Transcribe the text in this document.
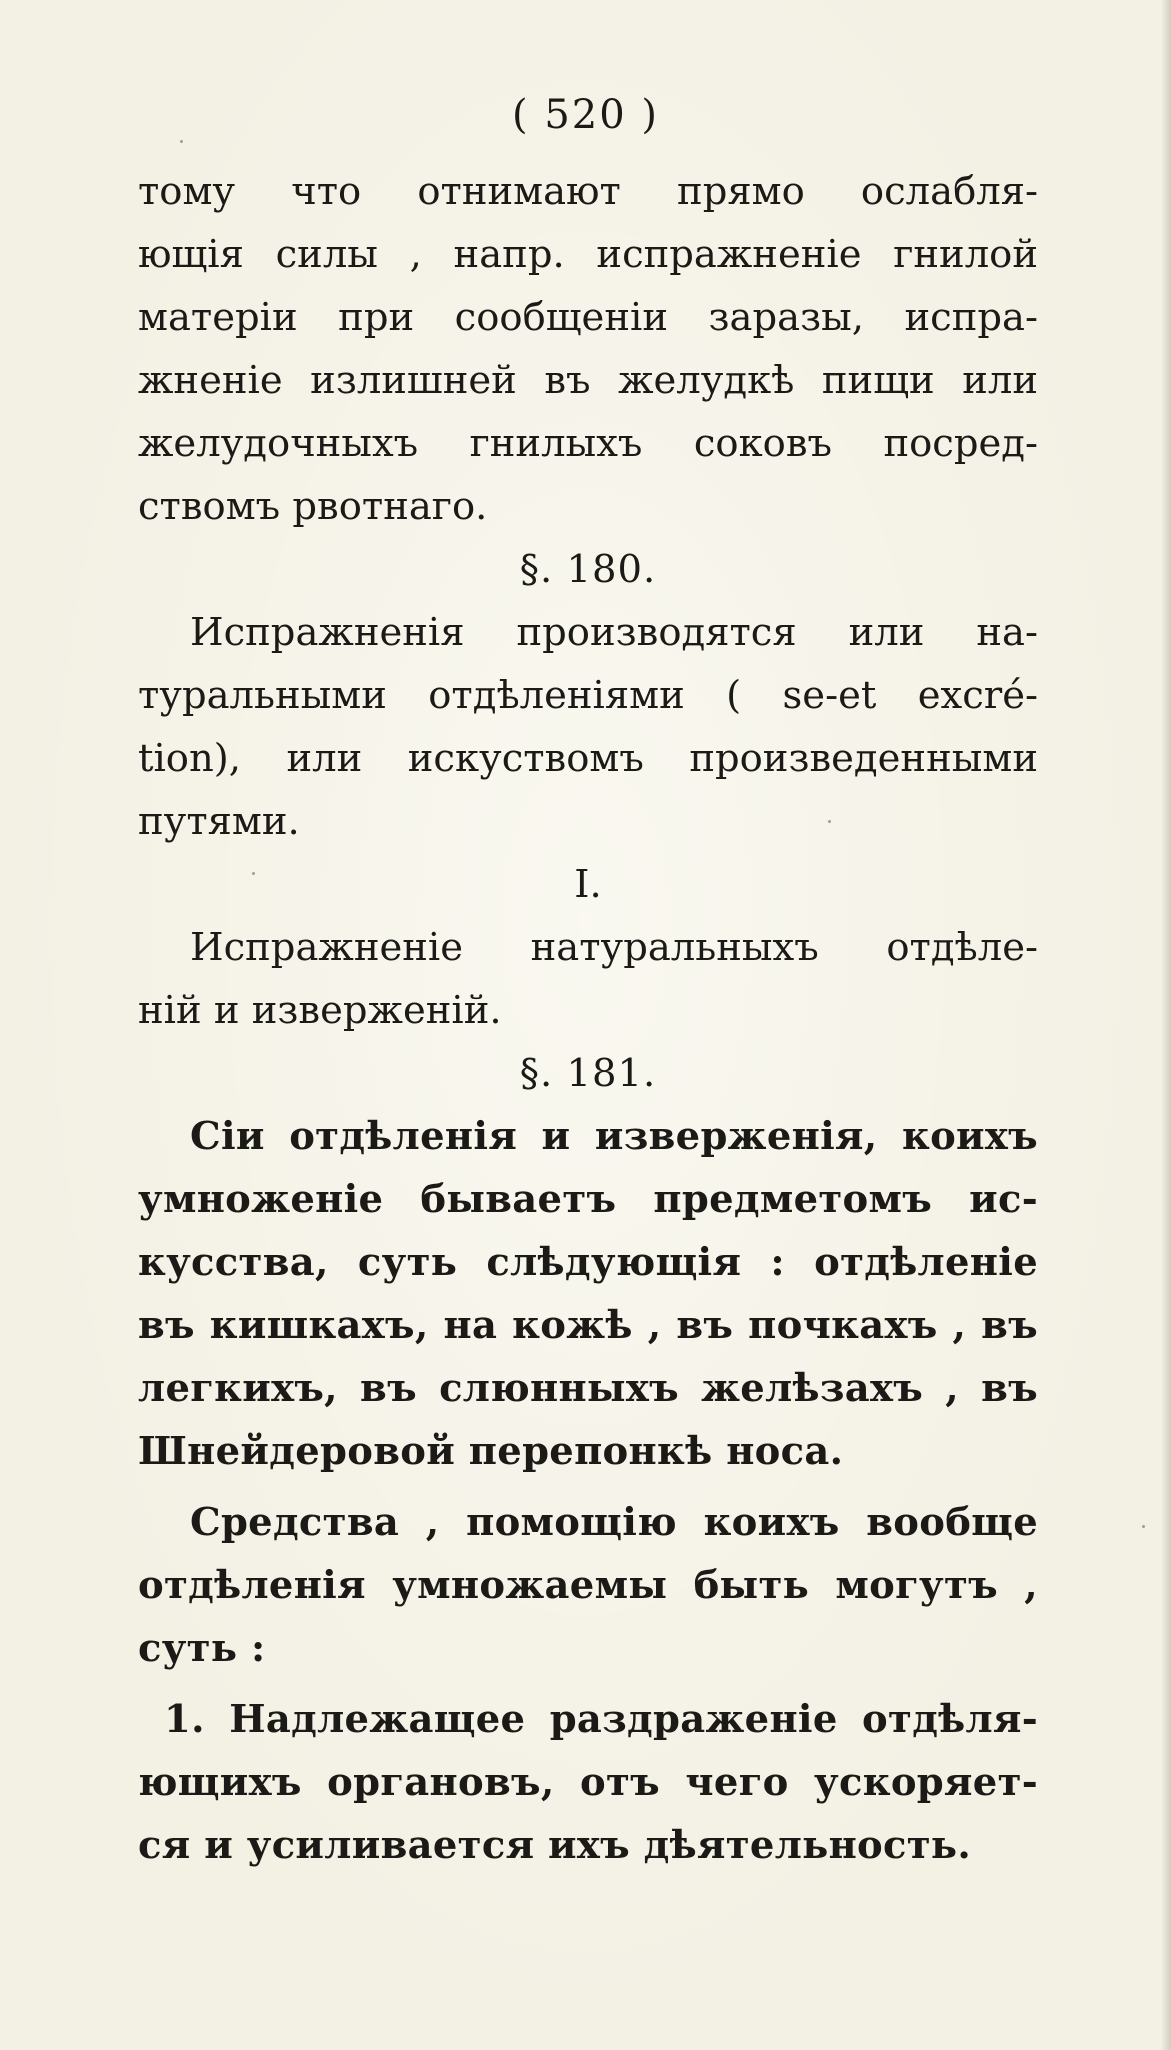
( 520 )
тому что отнимают прямо ослабля-
ющія силы , напр. испражненіе гнилой
матеріи при сообщеніи заразы, испра-
жненіе излишней въ желудкѣ пищи или
желудочныхъ гнилыхъ соковъ посред-
ствомъ рвотнаго.
§. 180.
Испражненія производятся или на-
туральными отдѣленіями ( se-et excré-
tion), или искуствомъ произведенными
путями.
I.
Испражненіе натуральныхъ отдѣле-
ній и изверженій.
§. 181.
Сіи отдѣленія и изверженія, коихъ
умноженіе бываетъ предметомъ ис-
кусства, суть слѣдующія : отдѣленіе
въ кишкахъ, на кожѣ , въ почкахъ , въ
легкихъ, въ слюнныхъ желѣзахъ , въ
Шнейдеровой перепонкѣ носа.
Средства , помощію коихъ вообще
отдѣленія умножаемы быть могутъ ,
суть :
1. Надлежащее раздраженіе отдѣля-
ющихъ органовъ, отъ чего ускоряет-
ся и усиливается ихъ дѣятельность.
